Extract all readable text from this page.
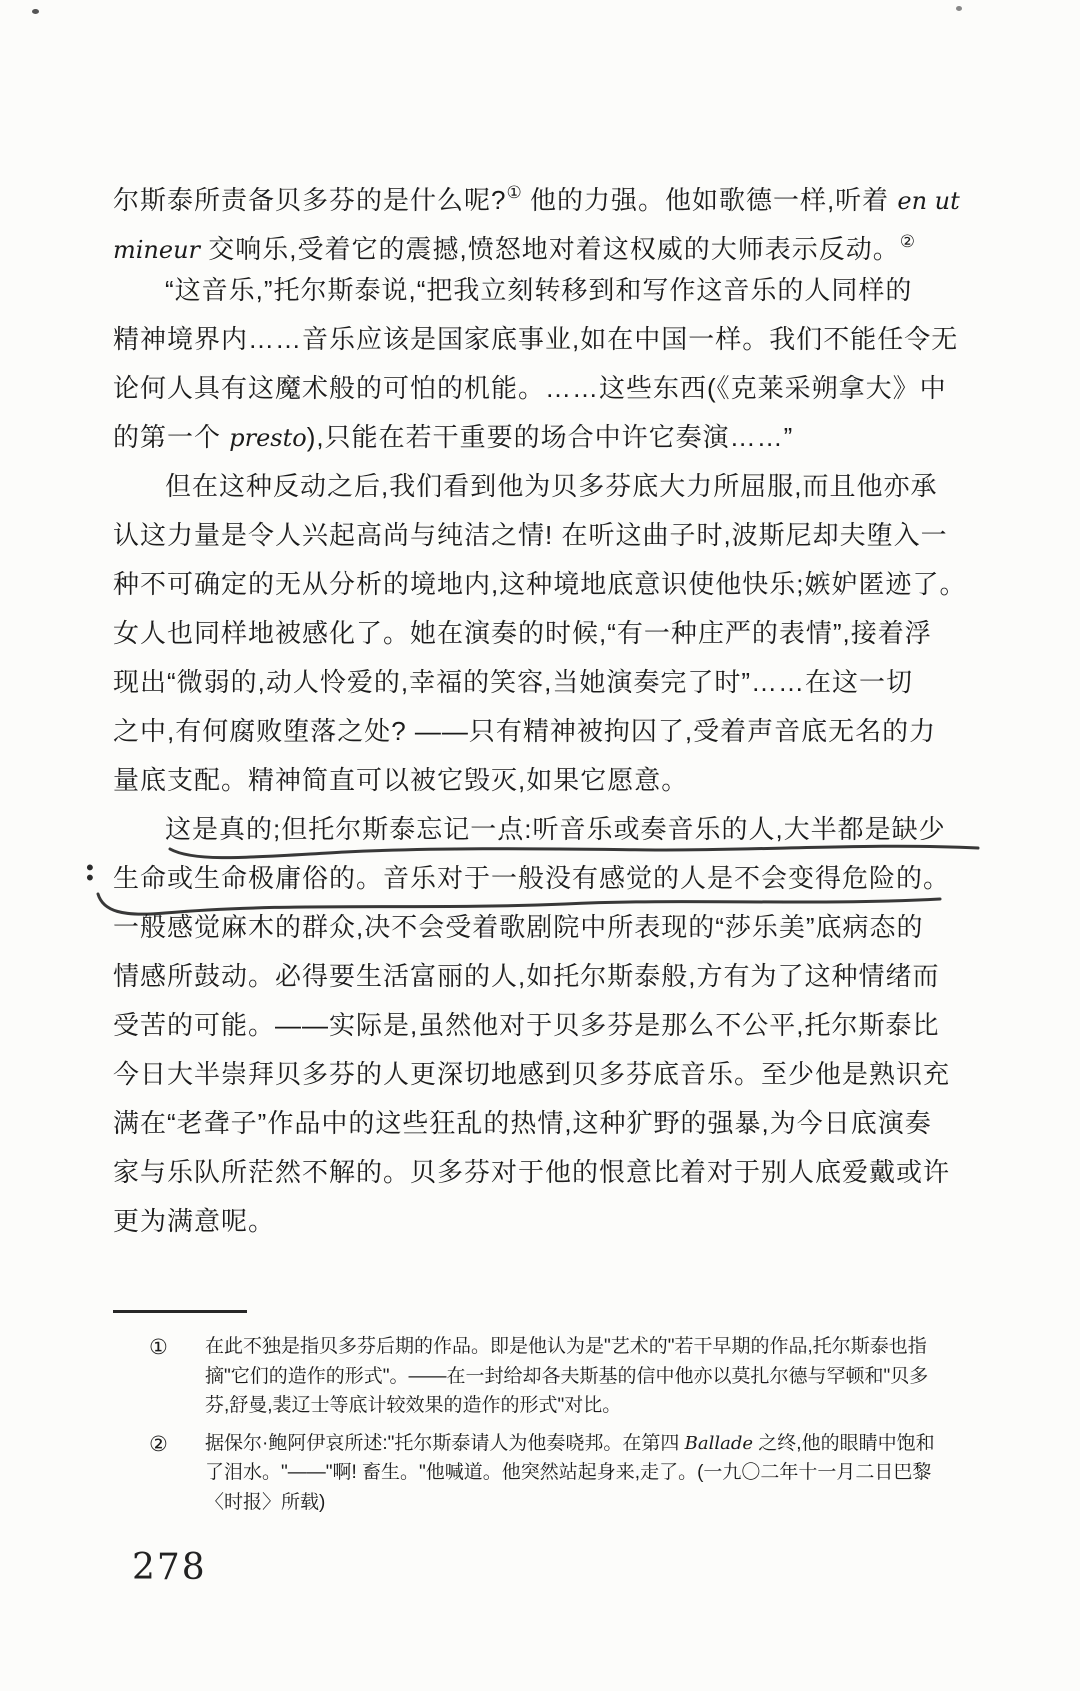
尔斯泰所责备贝多芬的是什么呢?① 他的力强。他如歌德一样,听着 en ut
mineur 交响乐,受着它的震撼,愤怒地对着这权威的大师表示反动。②
“这音乐,”托尔斯泰说,“把我立刻转移到和写作这音乐的人同样的
精神境界内……音乐应该是国家底事业,如在中国一样。我们不能任令无
论何人具有这魔术般的可怕的机能。……这些东西(《克莱采朔拿大》中
的第一个 presto),只能在若干重要的场合中许它奏演……”
但在这种反动之后,我们看到他为贝多芬底大力所屈服,而且他亦承
认这力量是令人兴起高尚与纯洁之情! 在听这曲子时,波斯尼却夫堕入一
种不可确定的无从分析的境地内,这种境地底意识使他快乐;嫉妒匿迹了。
女人也同样地被感化了。她在演奏的时候,“有一种庄严的表情”,接着浮
现出“微弱的,动人怜爱的,幸福的笑容,当她演奏完了时”……在这一切
之中,有何腐败堕落之处? ——只有精神被拘囚了,受着声音底无名的力
量底支配。精神简直可以被它毁灭,如果它愿意。
这是真的;但托尔斯泰忘记一点:听音乐或奏音乐的人,大半都是缺少
生命或生命极庸俗的。音乐对于一般没有感觉的人是不会变得危险的。
一般感觉麻木的群众,决不会受着歌剧院中所表现的“莎乐美”底病态的
情感所鼓动。必得要生活富丽的人,如托尔斯泰般,方有为了这种情绪而
受苦的可能。——实际是,虽然他对于贝多芬是那么不公平,托尔斯泰比
今日大半崇拜贝多芬的人更深切地感到贝多芬底音乐。至少他是熟识充
满在“老聋子”作品中的这些狂乱的热情,这种犷野的强暴,为今日底演奏
家与乐队所茫然不解的。贝多芬对于他的恨意比着对于别人底爱戴或许
更为满意呢。
:
① 在此不独是指贝多芬后期的作品。即是他认为是"艺术的"若干早期的作品,托尔斯泰也指
摘"它们的造作的形式"。——在一封给却各夫斯基的信中他亦以莫扎尔德与罕顿和"贝多
芬,舒曼,裴辽士等底计较效果的造作的形式"对比。
② 据保尔·鲍阿伊哀所述:"托尔斯泰请人为他奏哓邦。在第四 Ballade 之终,他的眼睛中饱和
了泪水。"——"啊! 畜生。"他喊道。他突然站起身来,走了。(一九〇二年十一月二日巴黎
〈时报〉所载)
278
